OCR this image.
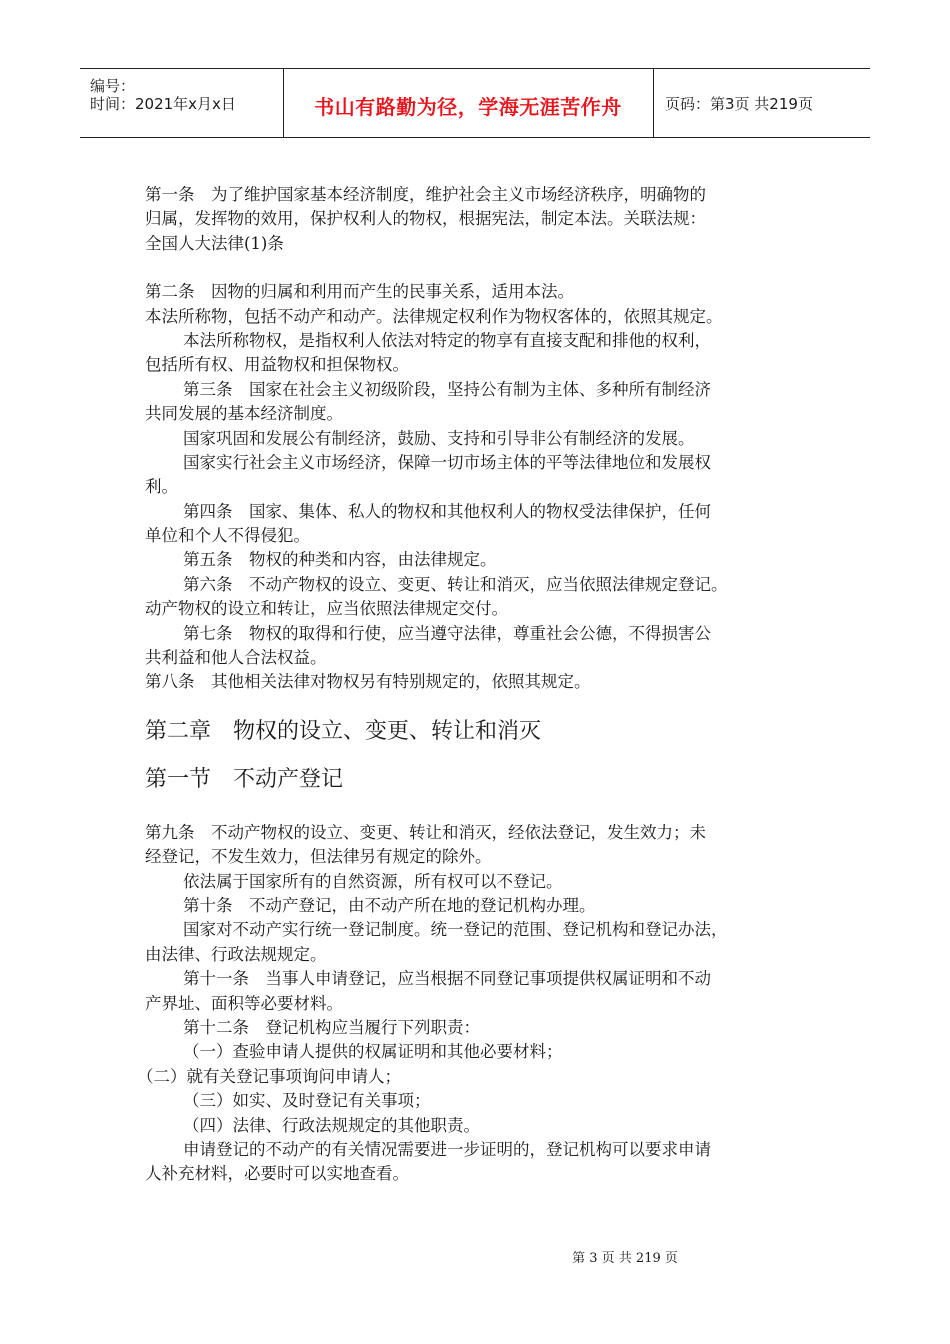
编号：
时间：2021年x月x日	书山有路勤为径，学海无涯苦作舟	页码：第3页 共219页
第一条　为了维护国家基本经济制度，维护社会主义市场经济秩序，明确物的
归属，发挥物的效用，保护权利人的物权，根据宪法，制定本法。关联法规：
全国人大法律(1)条
第二条　因物的归属和利用而产生的民事关系，适用本法。
本法所称物，包括不动产和动产。法律规定权利作为物权客体的，依照其规定。
本法所称物权，是指权利人依法对特定的物享有直接支配和排他的权利，
包括所有权、用益物权和担保物权。
第三条　国家在社会主义初级阶段，坚持公有制为主体、多种所有制经济
共同发展的基本经济制度。
国家巩固和发展公有制经济，鼓励、支持和引导非公有制经济的发展。
国家实行社会主义市场经济，保障一切市场主体的平等法律地位和发展权
利。
第四条　国家、集体、私人的物权和其他权利人的物权受法律保护，任何
单位和个人不得侵犯。
第五条　物权的种类和内容，由法律规定。
第六条　不动产物权的设立、变更、转让和消灭，应当依照法律规定登记。
动产物权的设立和转让，应当依照法律规定交付。
第七条　物权的取得和行使，应当遵守法律，尊重社会公德，不得损害公
共利益和他人合法权益。
第八条　其他相关法律对物权另有特别规定的，依照其规定。
第二章　物权的设立、变更、转让和消灭
第一节　不动产登记
第九条　不动产物权的设立、变更、转让和消灭，经依法登记，发生效力；未
经登记，不发生效力，但法律另有规定的除外。
依法属于国家所有的自然资源，所有权可以不登记。
第十条　不动产登记，由不动产所在地的登记机构办理。
国家对不动产实行统一登记制度。统一登记的范围、登记机构和登记办法，
由法律、行政法规规定。
第十一条　当事人申请登记，应当根据不同登记事项提供权属证明和不动
产界址、面积等必要材料。
第十二条　登记机构应当履行下列职责：
（一）查验申请人提供的权属证明和其他必要材料；
（二）就有关登记事项询问申请人；
（三）如实、及时登记有关事项；
（四）法律、行政法规规定的其他职责。
申请登记的不动产的有关情况需要进一步证明的，登记机构可以要求申请
人补充材料，必要时可以实地查看。
第 3 页 共 219 页
